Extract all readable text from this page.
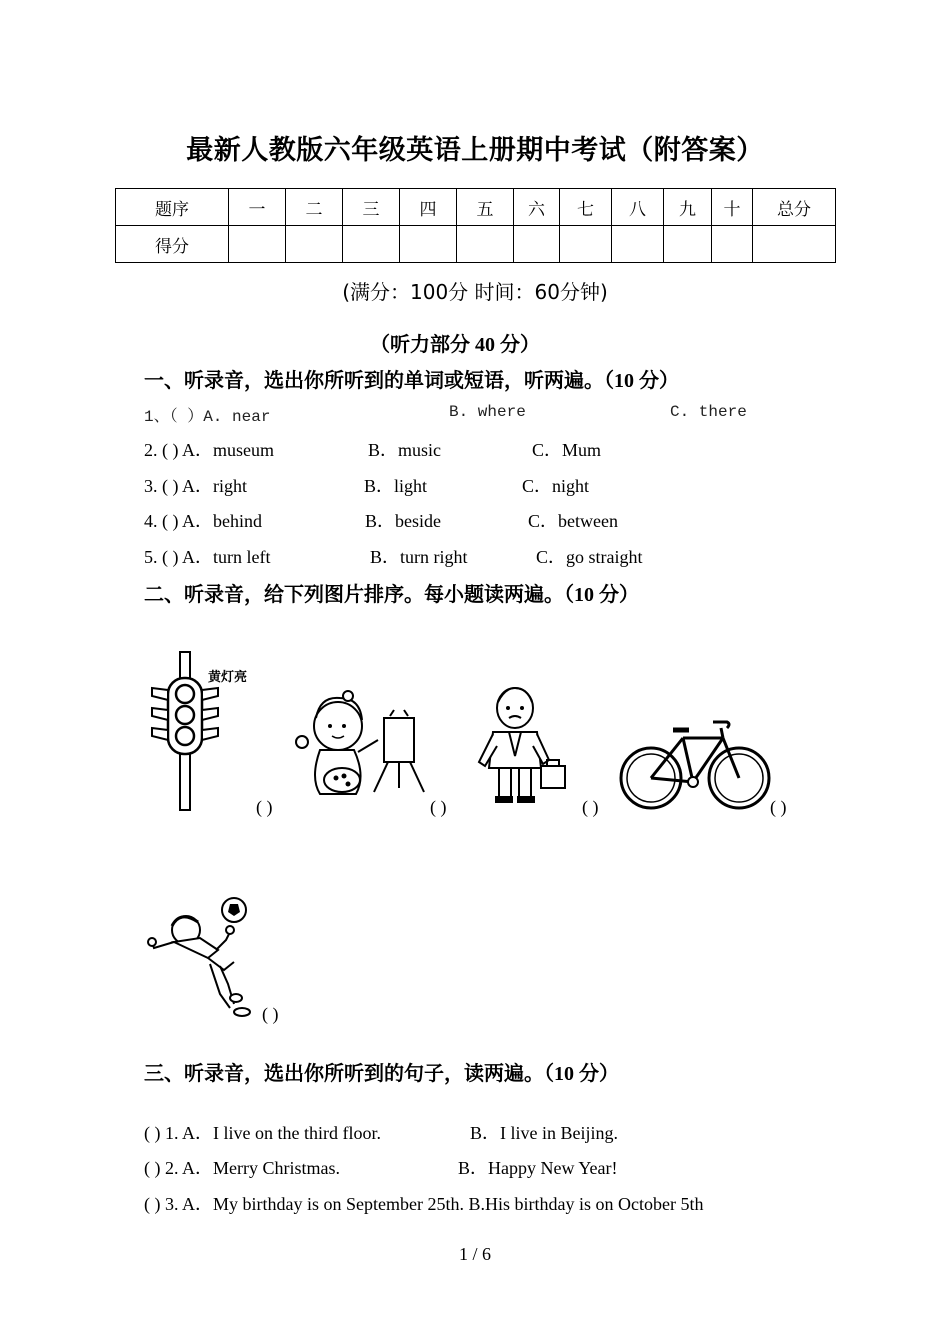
最新人教版六年级英语上册期中考试（附答案）
题序	一	二	三	四	五	六	七	八	九	十	总分
得分											
(满分：100分 时间：60分钟)
（听力部分 40 分）
一、听录音，选出你所听到的单词或短语，听两遍。（10 分）
1、（ ）A. near	B. where	C. there
2. ( ) A．museum	B．music	C．Mum
3. ( ) A．right	B．light	C．night
4. ( ) A．behind	B．beside	C．between
5. ( ) A．turn left	B．turn right	C．go straight
二、听录音，给下列图片排序。每小题读两遍。（10 分）
黄灯亮
( )	( )	( )	( )
( )
三、听录音，选出你所听到的句子，读两遍。（10 分）
( ) 1. A．I live on the third floor.	B．I live in Beijing.
( ) 2. A．Merry Christmas.	B．Happy New Year!
( ) 3. A．My birthday is on September 25th. B.His birthday is on October 5th
1 / 6
